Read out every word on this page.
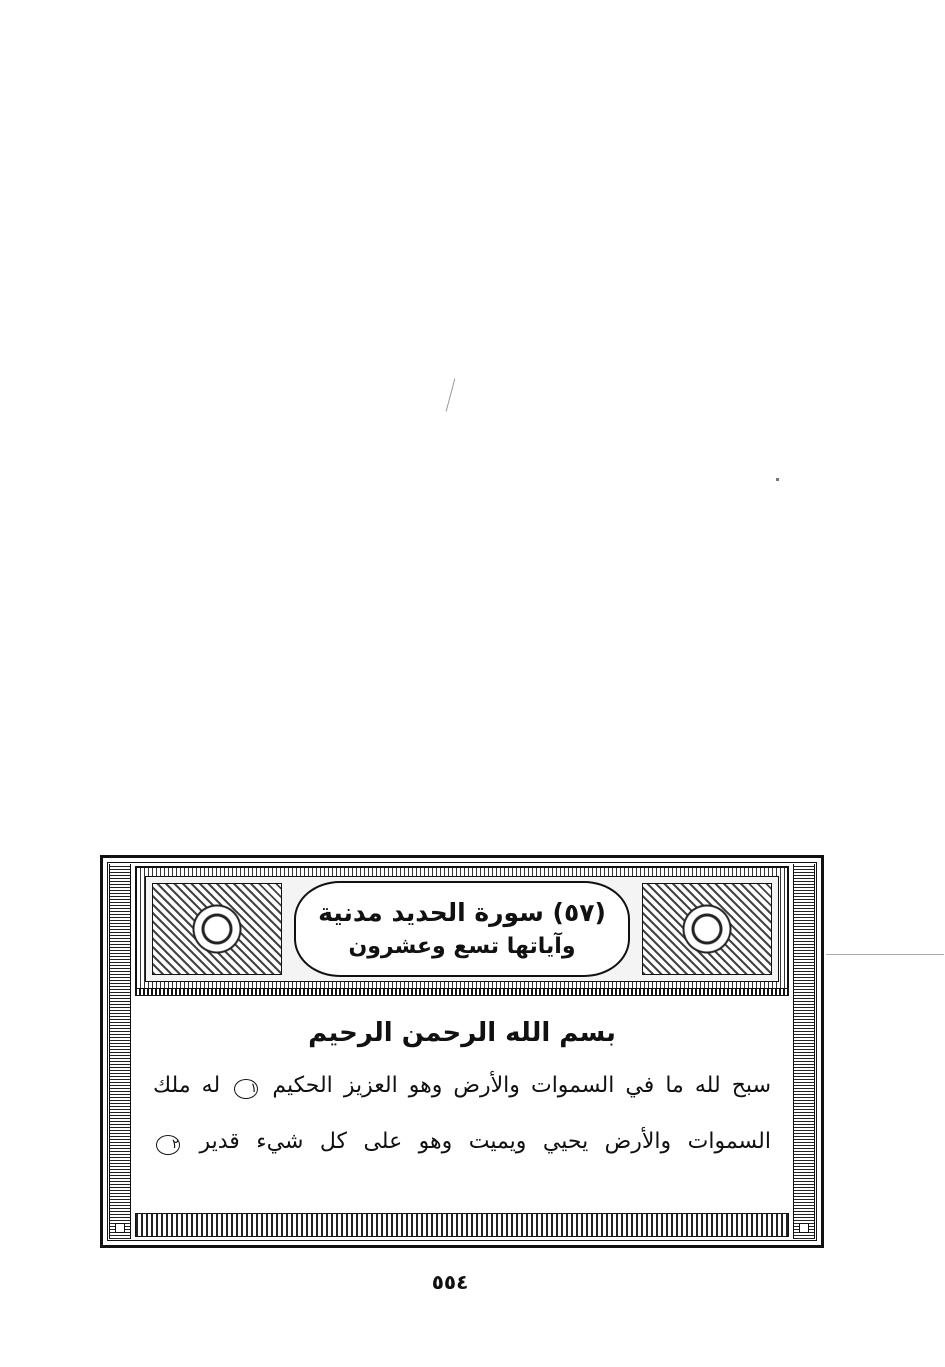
(٥٧) سورة الحديد مدنية
وآياتها تسع وعشرون
بسم الله الرحمن الرحيم
سبح لله ما في السموات والأرض وهو العزيز الحكيم ١ له ملك
السموات والأرض يحيي ويميت وهو على كل شيء قدير ٢
٥٥٤
